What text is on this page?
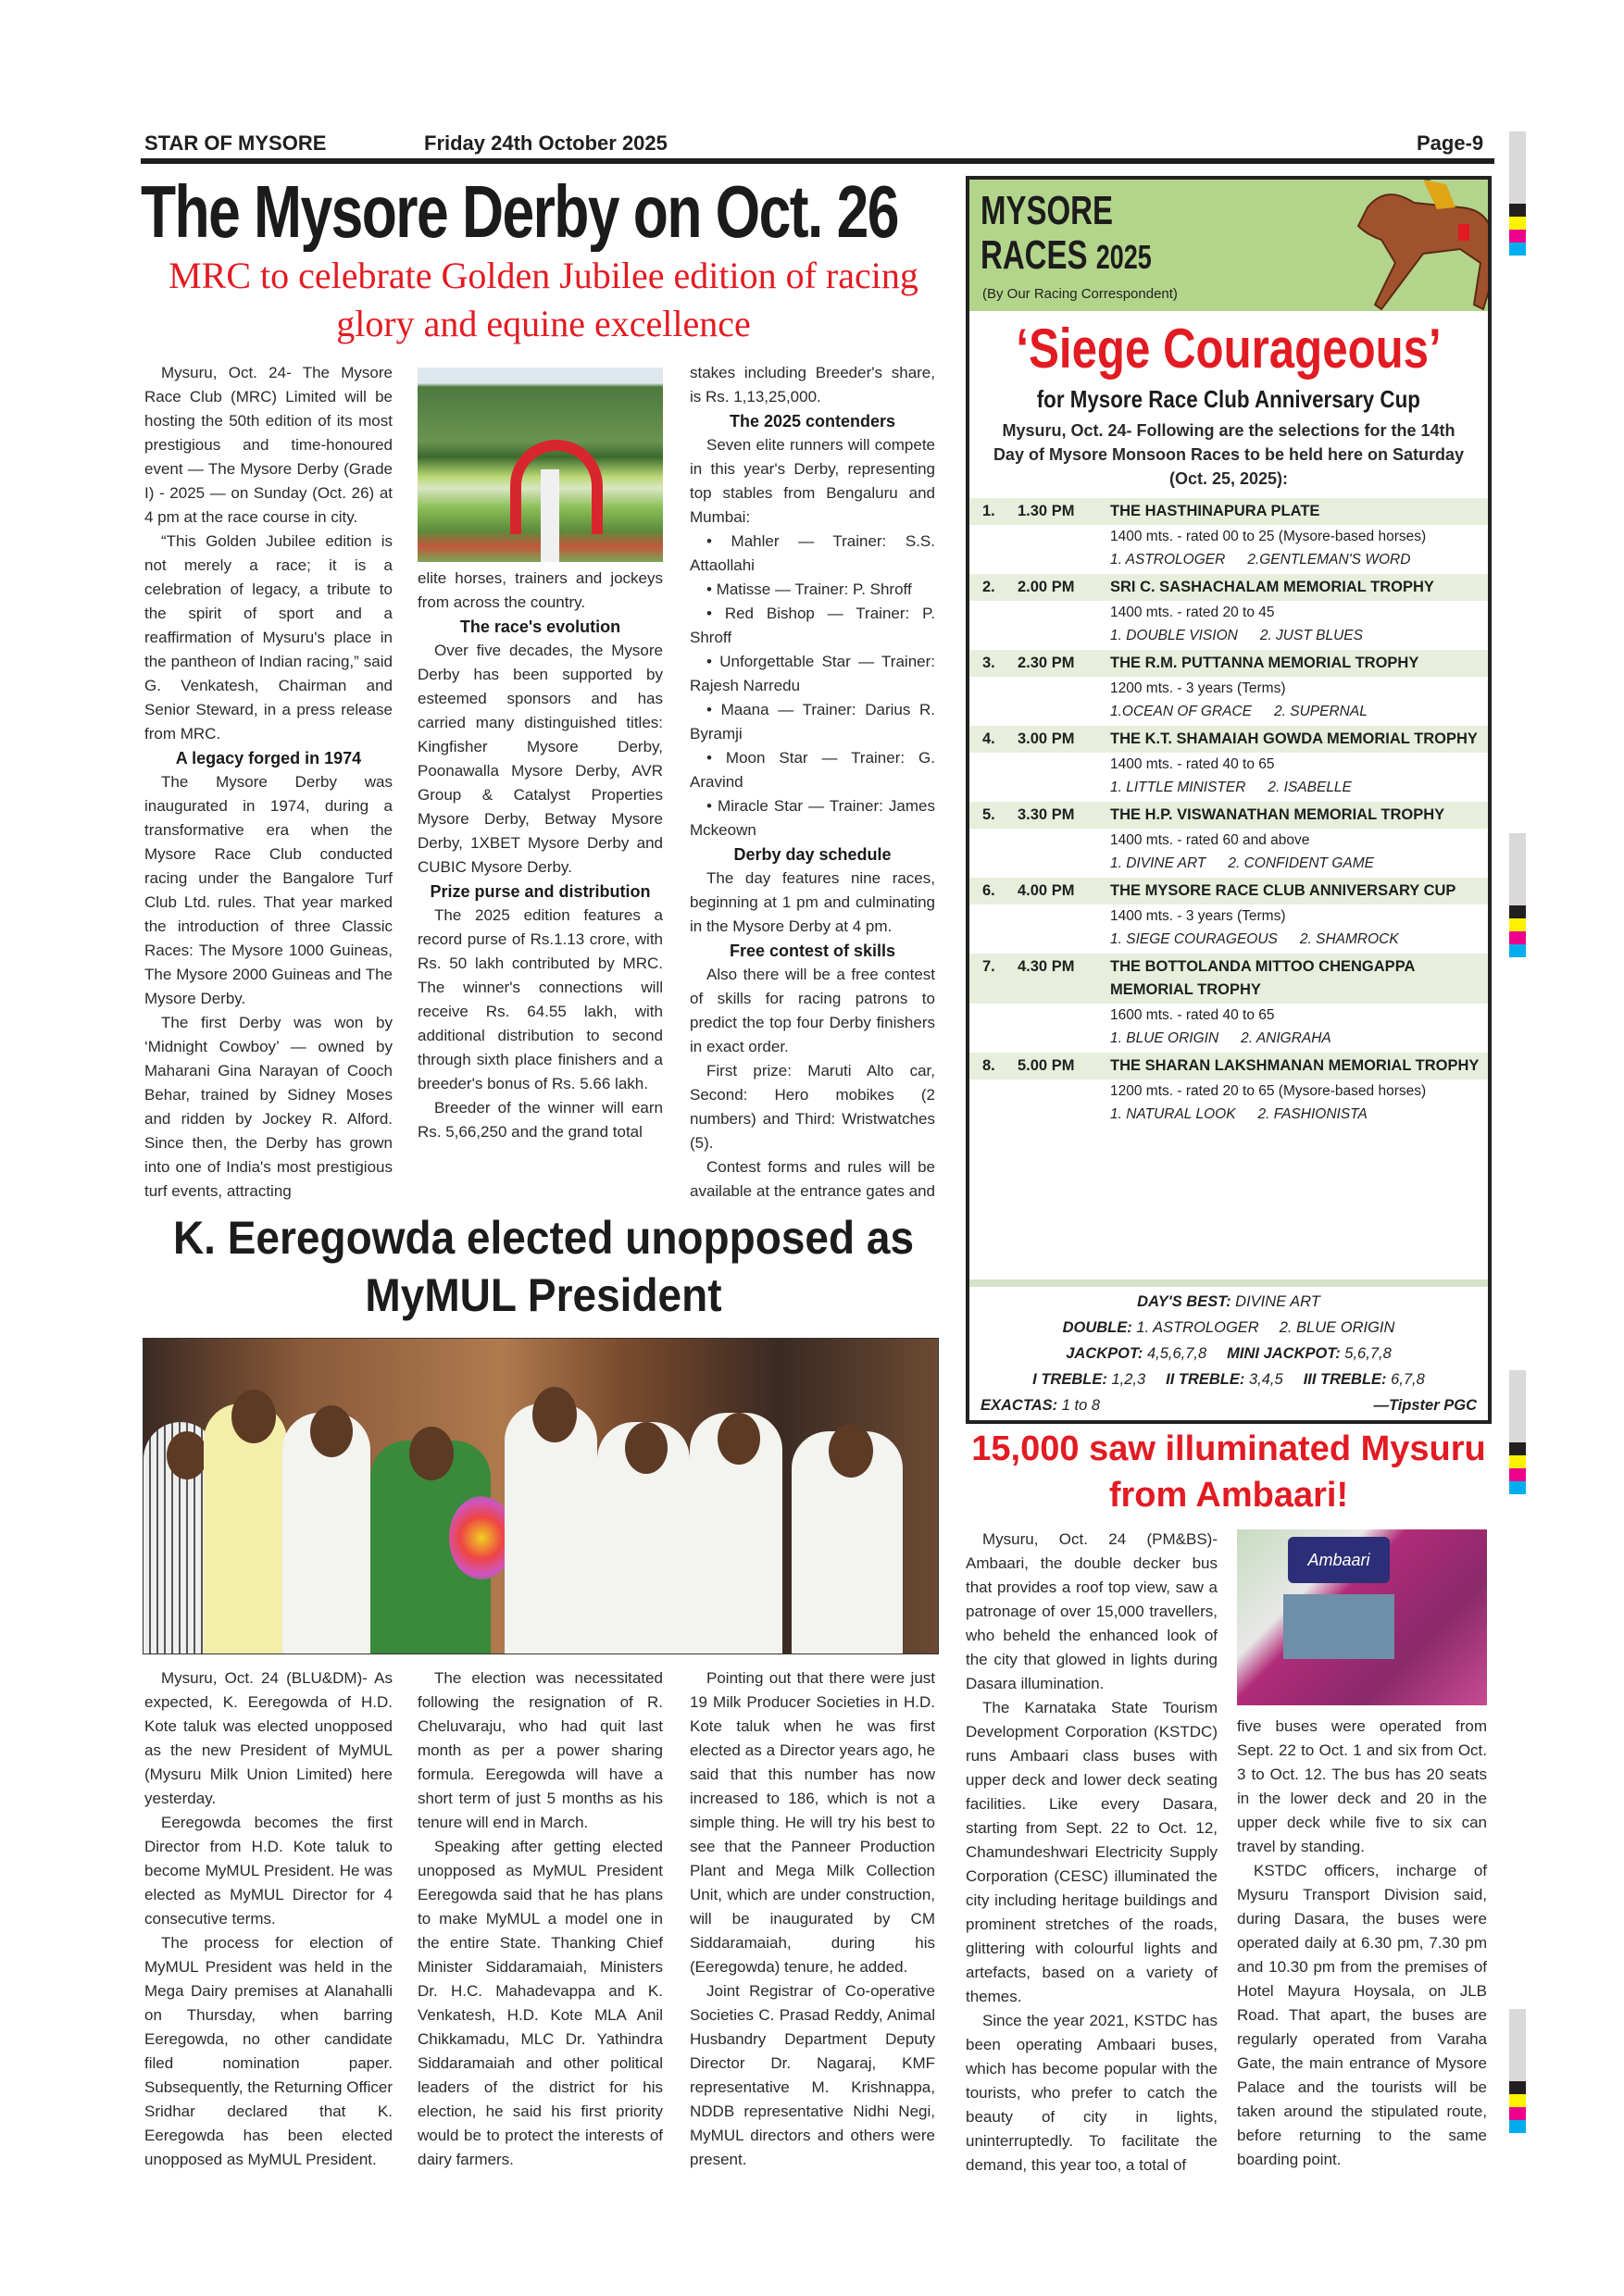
STAR OF MYSORE	Friday 24th October 2025	Page-9
The Mysore Derby on Oct. 26
MRC to celebrate Golden Jubilee edition of racing glory and equine excellence

Mysuru, Oct. 24- The Mysore Race Club (MRC) Limited will be hosting the 50th edition of its most prestigious and time-honoured event — The Mysore Derby (Grade I) - 2025 — on Sunday (Oct. 26) at 4 pm at the race course in city.

“This Golden Jubilee edition is not merely a race; it is a celebration of legacy, a tribute to the spirit of sport and a reaffirmation of Mysuru's place in the pantheon of Indian racing,” said G. Venkatesh, Chairman and Senior Steward, in a press release from MRC.

A legacy forged in 1974

The Mysore Derby was inaugurated in 1974, during a transformative era when the Mysore Race Club conducted racing under the Bangalore Turf Club Ltd. rules. That year marked the introduction of three Classic Races: The Mysore 1000 Guineas, The Mysore 2000 Guineas and The Mysore Derby.

The first Derby was won by ‘Midnight Cowboy’ — owned by Maharani Gina Narayan of Cooch Behar, trained by Sidney Moses and ridden by Jockey R. Alford. Since then, the Derby has grown into one of India's most prestigious turf events, attracting

elite horses, trainers and jockeys from across the country.

The race's evolution

Over five decades, the Mysore Derby has been supported by esteemed sponsors and has carried many distinguished titles: Kingfisher Mysore Derby, Poonawalla Mysore Derby, AVR Group & Catalyst Properties Mysore Derby, Betway Mysore Derby, 1XBET Mysore Derby and CUBIC Mysore Derby.

Prize purse and distribution

The 2025 edition features a record purse of Rs.1.13 crore, with Rs. 50 lakh contributed by MRC. The winner's connections will receive Rs. 64.55 lakh, with additional distribution to second through sixth place finishers and a breeder's bonus of Rs. 5.66 lakh.

Breeder of the winner will earn Rs. 5,66,250 and the grand total

stakes including Breeder's share, is Rs. 1,13,25,000.

The 2025 contenders

Seven elite runners will compete in this year's Derby, representing top stables from Bengaluru and Mumbai:

• Mahler — Trainer: S.S. Attaollahi

• Matisse — Trainer: P. Shroff

• Red Bishop — Trainer: P. Shroff

• Unforgettable Star — Trainer: Rajesh Narredu

• Maana — Trainer: Darius R. Byramji

• Moon Star — Trainer: G. Aravind

• Miracle Star — Trainer: James Mckeown

Derby day schedule

The day features nine races, beginning at 1 pm and culminating in the Mysore Derby at 4 pm.

Free contest of skills

Also there will be a free contest of skills for racing patrons to predict the top four Derby finishers in exact order.

First prize: Maruti Alto car, Second: Hero mobikes (2 numbers) and Third: Wristwatches (5).

Contest forms and rules will be available at the entrance gates and

MYSORE
RACES 2025
(By Our Racing Correspondent)
‘Siege Courageous’
for Mysore Race Club Anniversary Cup
Mysuru, Oct. 24- Following are the selections for the 14th Day of Mysore Monsoon Races to be held here on Saturday (Oct. 25, 2025):
1.	1.30 PM	THE HASTHINAPURA PLATE
1400 mts. - rated 00 to 25 (Mysore-based horses)
1. ASTROLOGER 2.GENTLEMAN'S WORD
2.	2.00 PM	SRI C. SASHACHALAM MEMORIAL TROPHY
1400 mts. - rated 20 to 45
1. DOUBLE VISION 2. JUST BLUES
3.	2.30 PM	THE R.M. PUTTANNA MEMORIAL TROPHY
1200 mts. - 3 years (Terms)
1.OCEAN OF GRACE 2. SUPERNAL
4.	3.00 PM	THE K.T. SHAMAIAH GOWDA MEMORIAL TROPHY
1400 mts. - rated 40 to 65
1. LITTLE MINISTER 2. ISABELLE
5.	3.30 PM	THE H.P. VISWANATHAN MEMORIAL TROPHY
1400 mts. - rated 60 and above
1. DIVINE ART 2. CONFIDENT GAME
6.	4.00 PM	THE MYSORE RACE CLUB ANNIVERSARY CUP
1400 mts. - 3 years (Terms)
1. SIEGE COURAGEOUS 2. SHAMROCK
7.	4.30 PM	THE BOTTOLANDA MITTOO CHENGAPPA MEMORIAL TROPHY
1600 mts. - rated 40 to 65
1. BLUE ORIGIN 2. ANIGRAHA
8.	5.00 PM	THE SHARAN LAKSHMANAN MEMORIAL TROPHY
1200 mts. - rated 20 to 65 (Mysore-based horses)
1. NATURAL LOOK 2. FASHIONISTA
DAY'S BEST: DIVINE ART
DOUBLE: 1. ASTROLOGER 2. BLUE ORIGIN
JACKPOT: 4,5,6,7,8 MINI JACKPOT: 5,6,7,8
I TREBLE: 1,2,3 II TREBLE: 3,4,5 III TREBLE: 6,7,8
EXACTAS: 1 to 8	—Tipster PGC
K. Eeregowda elected unopposed as MyMUL President

Mysuru, Oct. 24 (BLU&DM)- As expected, K. Eeregowda of H.D. Kote taluk was elected unopposed as the new President of MyMUL (Mysuru Milk Union Limited) here yesterday.

Eeregowda becomes the first Director from H.D. Kote taluk to become MyMUL President. He was elected as MyMUL Director for 4 consecutive terms.

The process for election of MyMUL President was held in the Mega Dairy premises at Alanahalli on Thursday, when barring Eeregowda, no other candidate filed nomination paper. Subsequently, the Returning Officer Sridhar declared that K. Eeregowda has been elected unopposed as MyMUL President.

The election was necessitated following the resignation of R. Cheluvaraju, who had quit last month as per a power sharing formula. Eeregowda will have a short term of just 5 months as his tenure will end in March.

Speaking after getting elected unopposed as MyMUL President Eeregowda said that he has plans to make MyMUL a model one in the entire State. Thanking Chief Minister Siddaramaiah, Ministers Dr. H.C. Mahadevappa and K. Venkatesh, H.D. Kote MLA Anil Chikkamadu, MLC Dr. Yathindra Siddaramaiah and other political leaders of the district for his election, he said his first priority would be to protect the interests of dairy farmers.

Pointing out that there were just 19 Milk Producer Societies in H.D. Kote taluk when he was first elected as a Director years ago, he said that this number has now increased to 186, which is not a simple thing. He will try his best to see that the Panneer Production Plant and Mega Milk Collection Unit, which are under construction, will be inaugurated by CM Siddaramaiah, during his (Eeregowda) tenure, he added.

Joint Registrar of Co-operative Societies C. Prasad Reddy, Animal Husbandry Department Deputy Director Dr. Nagaraj, KMF representative M. Krishnappa, NDDB representative Nidhi Negi, MyMUL directors and others were present.

15,000 saw illuminated Mysuru from Ambaari!

Mysuru, Oct. 24 (PM&BS)- Ambaari, the double decker bus that provides a roof top view, saw a patronage of over 15,000 travellers, who beheld the enhanced look of the city that glowed in lights during Dasara illumination.

The Karnataka State Tourism Development Corporation (KSTDC) runs Ambaari class buses with upper deck and lower deck seating facilities. Like every Dasara, starting from Sept. 22 to Oct. 12, Chamundeshwari Electricity Supply Corporation (CESC) illuminated the city including heritage buildings and prominent stretches of the roads, glittering with colourful lights and artefacts, based on a variety of themes.

Since the year 2021, KSTDC has been operating Ambaari buses, which has become popular with the tourists, who prefer to catch the beauty of city in lights, uninterruptedly. To facilitate the demand, this year too, a total of

Ambaari

five buses were operated from Sept. 22 to Oct. 1 and six from Oct. 3 to Oct. 12. The bus has 20 seats in the lower deck and 20 in the upper deck while five to six can travel by standing.

KSTDC officers, incharge of Mysuru Transport Division said, during Dasara, the buses were operated daily at 6.30 pm, 7.30 pm and 10.30 pm from the premises of Hotel Mayura Hoysala, on JLB Road. That apart, the buses are regularly operated from Varaha Gate, the main entrance of Mysore Palace and the tourists will be taken around the stipulated route, before returning to the same boarding point.
